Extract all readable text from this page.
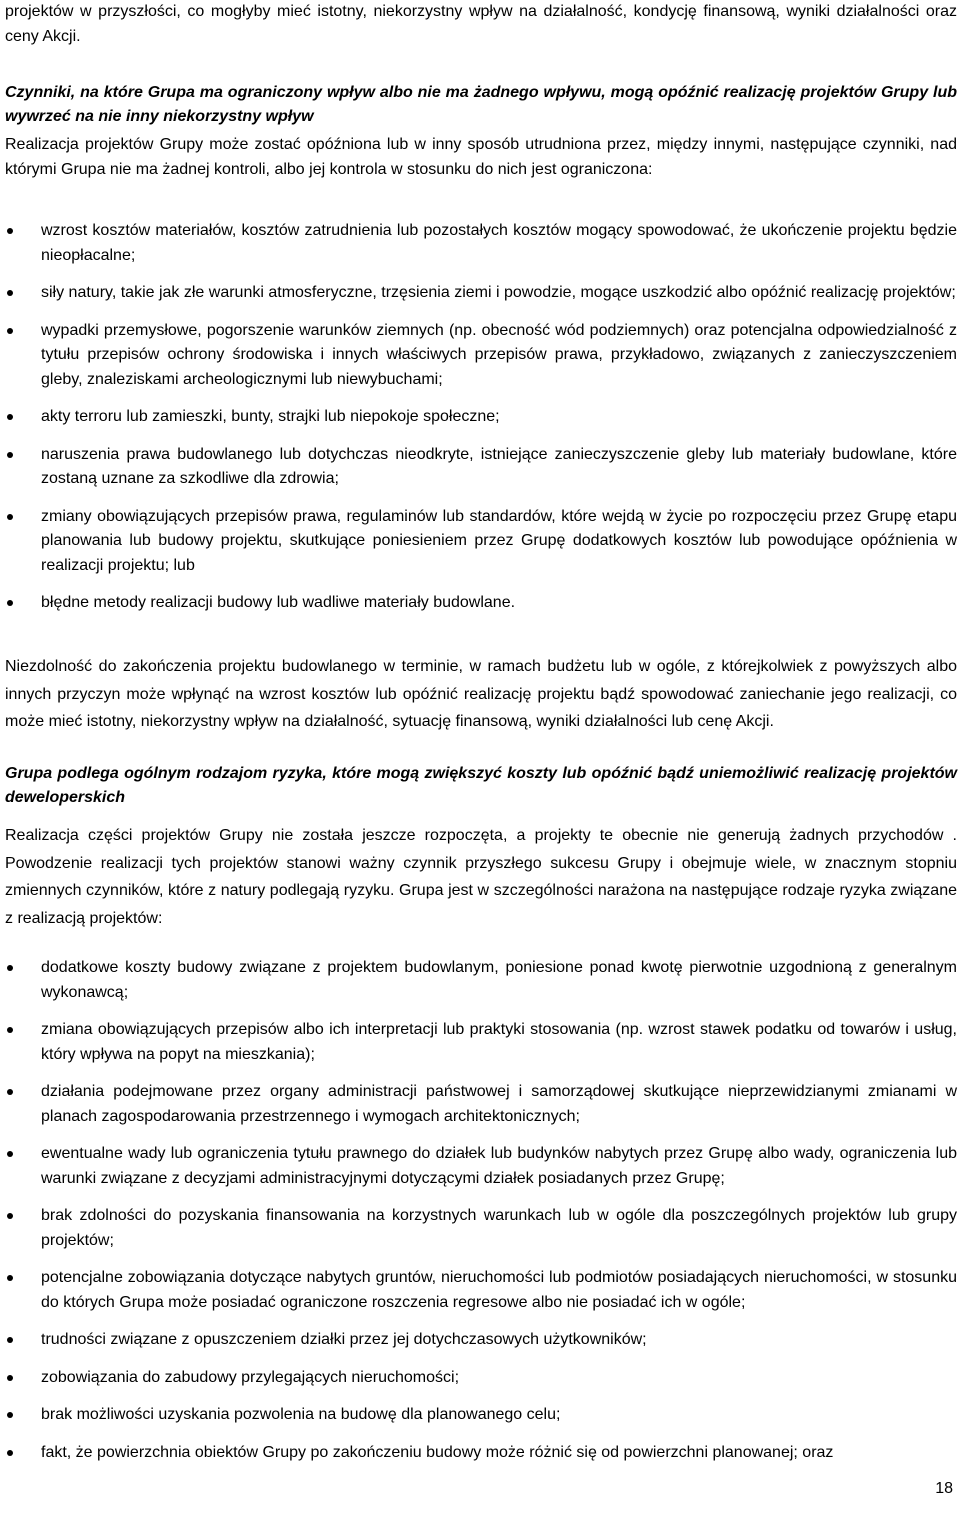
projektów w przyszłości, co mogłyby mieć istotny, niekorzystny wpływ na działalność, kondycję finansową, wyniki działalności oraz ceny Akcji.

Czynniki, na które Grupa ma ograniczony wpływ albo nie ma żadnego wpływu, mogą opóźnić realizację projektów Grupy lub wywrzeć na nie inny niekorzystny wpływ

Realizacja projektów Grupy może zostać opóźniona lub w inny sposób utrudniona przez, między innymi, następujące czynniki, nad którymi Grupa nie ma żadnej kontroli, albo jej kontrola w stosunku do nich jest ograniczona:

wzrost kosztów materiałów, kosztów zatrudnienia lub pozostałych kosztów mogący spowodować, że ukończenie projektu będzie nieopłacalne;
siły natury, takie jak złe warunki atmosferyczne, trzęsienia ziemi i powodzie, mogące uszkodzić albo opóźnić realizację projektów;
wypadki przemysłowe, pogorszenie warunków ziemnych (np. obecność wód podziemnych) oraz potencjalna odpowiedzialność z tytułu przepisów ochrony środowiska i innych właściwych przepisów prawa, przykładowo, związanych z zanieczyszczeniem gleby, znaleziskami archeologicznymi lub niewybuchami;
akty terroru lub zamieszki, bunty, strajki lub niepokoje społeczne;
naruszenia prawa budowlanego lub dotychczas nieodkryte, istniejące zanieczyszczenie gleby lub materiały budowlane, które zostaną uznane za szkodliwe dla zdrowia;
zmiany obowiązujących przepisów prawa, regulaminów lub standardów, które wejdą w życie po rozpoczęciu przez Grupę etapu planowania lub budowy projektu, skutkujące poniesieniem przez Grupę dodatkowych kosztów lub powodujące opóźnienia w realizacji projektu; lub
błędne metody realizacji budowy lub wadliwe materiały budowlane.

Niezdolność do zakończenia projektu budowlanego w terminie, w ramach budżetu lub w ogóle, z którejkolwiek z powyższych albo innych przyczyn może wpłynąć na wzrost kosztów lub opóźnić realizację projektu bądź spowodować zaniechanie jego realizacji, co może mieć istotny, niekorzystny wpływ na działalność, sytuację finansową, wyniki działalności lub cenę Akcji.

Grupa podlega ogólnym rodzajom ryzyka, które mogą zwiększyć koszty lub opóźnić bądź uniemożliwić realizację projektów deweloperskich

Realizacja części projektów Grupy nie została jeszcze rozpoczęta, a projekty te obecnie nie generują żadnych przychodów . Powodzenie realizacji tych projektów stanowi ważny czynnik przyszłego sukcesu Grupy i obejmuje wiele, w znacznym stopniu zmiennych czynników, które z natury podlegają ryzyku. Grupa jest w szczególności narażona na następujące rodzaje ryzyka związane z realizacją projektów:

dodatkowe koszty budowy związane z projektem budowlanym, poniesione ponad kwotę pierwotnie uzgodnioną z generalnym wykonawcą;
zmiana obowiązujących przepisów albo ich interpretacji lub praktyki stosowania (np. wzrost stawek podatku od towarów i usług, który wpływa na popyt na mieszkania);
działania podejmowane przez organy administracji państwowej i samorządowej skutkujące nieprzewidzianymi zmianami w planach zagospodarowania przestrzennego i wymogach architektonicznych;
ewentualne wady lub ograniczenia tytułu prawnego do działek lub budynków nabytych przez Grupę albo wady, ograniczenia lub warunki związane z decyzjami administracyjnymi dotyczącymi działek posiadanych przez Grupę;
brak zdolności do pozyskania finansowania na korzystnych warunkach lub w ogóle dla poszczególnych projektów lub grupy projektów;
potencjalne zobowiązania dotyczące nabytych gruntów, nieruchomości lub podmiotów posiadających nieruchomości, w stosunku do których Grupa może posiadać ograniczone roszczenia regresowe albo nie posiadać ich w ogóle;
trudności związane z opuszczeniem działki przez jej dotychczasowych użytkowników;
zobowiązania do zabudowy przylegających nieruchomości;
brak możliwości uzyskania pozwolenia na budowę dla planowanego celu;
fakt, że powierzchnia obiektów Grupy po zakończeniu budowy może różnić się od powierzchni planowanej; oraz
18
